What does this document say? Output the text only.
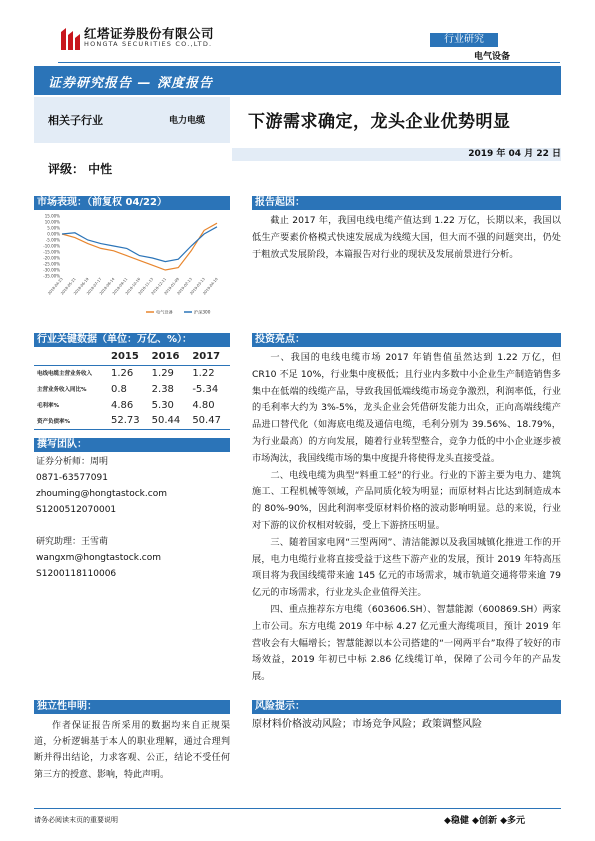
红塔证券股份有限公司
HONGTA SECURITIES CO.,LTD.	行业研究
电气设备
证券研究报告 — 深度报告
相关子行业	电力电缆	下游需求确定，龙头企业优势明显
2019 年 04 月 22 日
评级： 中性
市场表现：（前复权 04/22）
15.00%
10.00%
5.00%
0.00%
-5.00%
-10.00%
-15.00%
-20.00%
-25.00%
-30.00%
-35.00%
2018-04-23
2018-05-21
2018-06-19
2018-07-17
2018-08-14
2018-09-11
2018-10-16
2018-11-13
2018-12-11
2019-01-09
2019-02-13
2019-03-13
2019-04-10
电气设备	沪深300
行业关键数据（单位：万亿、%）：
	2015	2016	2017
电线电缆主营业务收入	1.26	1.29	1.22
主营业务收入同比%	0.8	2.38	-5.34
毛利率%	4.86	5.30	4.80
资产负债率%	52.73	50.44	50.47
撰写团队：
证券分析师：周明
0871-63577091
zhouming@hongtastock.com
S1200512070001
研究助理：王雪萌
wangxm@hongtastock.com
S1200118110006
独立性申明：

作者保证报告所采用的数据均来自正规渠道，分析逻辑基于本人的职业理解，通过合理判断并得出结论，力求客观、公正，结论不受任何第三方的授意、影响，特此声明。

报告起因：

截止 2017 年，我国电线电缆产值达到 1.22 万亿，长期以来，我国以低生产要素价格模式快速发展成为线缆大国，但大而不强的问题突出，仍处于粗放式发展阶段，本篇报告对行业的现状及发展前景进行分析。

投资亮点：

一、我国的电线电缆市场 2017 年销售值虽然达到 1.22 万亿，但 CR10 不足 10%，行业集中度极低；且行业内多数中小企业生产制造销售多集中在低端的线缆产品，导致我国低端线缆市场竞争激烈，利润率低，行业的毛利率大约为 3%-5%，龙头企业会凭借研发能力出众，正向高端线缆产品进口替代化（如海底电缆及通信电缆，毛利分别为 39.56%、18.79%，为行业最高）的方向发展，随着行业转型整合，竞争力低的中小企业逐步被市场淘汰，我国线缆市场的集中度提升将使得龙头直接受益。

二、电线电缆为典型“料重工轻”的行业。行业的下游主要为电力、建筑施工、工程机械等领域，产品同质化较为明显；而原材料占比达到制造成本的 80%-90%，因此利润率受原材料价格的波动影响明显。总的来说，行业对下游的议价权相对较弱，受上下游挤压明显。

三、随着国家电网“三型两网”、清洁能源以及我国城镇化推进工作的开展，电力电缆行业将直接受益于这些下游产业的发展，预计 2019 年特高压项目将为我国线缆带来逾 145 亿元的市场需求，城市轨道交通将带来逾 79 亿元的市场需求，行业龙头企业值得关注。

四、重点推荐东方电缆（603606.SH）、智慧能源（600869.SH）两家上市公司。东方电缆 2019 年中标 4.27 亿元重大海缆项目，预计 2019 年营收会有大幅增长；智慧能源以本公司搭建的“一网两平台”取得了较好的市场效益，2019 年初已中标 2.86 亿线缆订单，保障了公司今年的产品发展。

风险提示：
原材料价格波动风险；市场竞争风险；政策调整风险
请务必阅读末页的重要说明	◆稳健 ◆创新 ◆多元
